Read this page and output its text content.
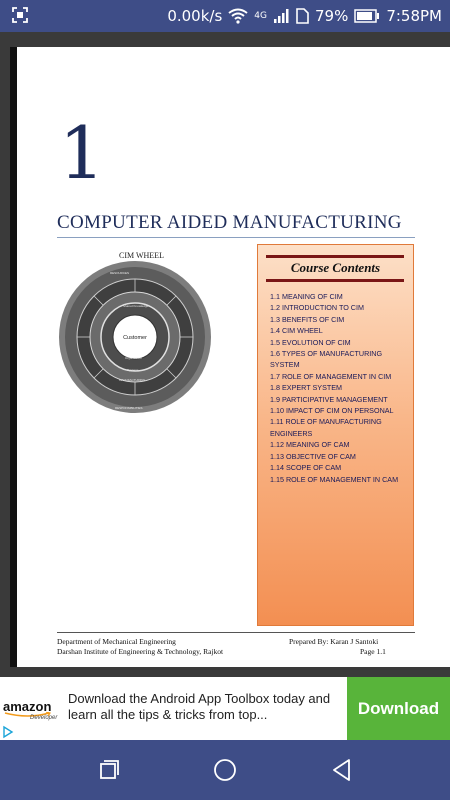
0.00k/s	4G	79%	7:58PM
1
COMPUTER AIDED MANUFACTURING
CIM WHEEL
RESOURCES
RESPONSIBILITIES
Shared Knowledge
Organization
Systems
MANUFACTURING
Customer
Course Contents
1.1 MEANING OF CIM
1.2 INTRODUCTION TO CIM
1.3 BENEFITS OF CIM
1.4 CIM WHEEL
1.5 EVOLUTION OF CIM
1.6 TYPES OF MANUFACTURING SYSTEM
1.7 ROLE OF MANAGEMENT IN CIM
1.8 EXPERT SYSTEM
1.9 PARTICIPATIVE MANAGEMENT
1.10 IMPACT OF CIM ON PERSONAL
1.11 ROLE OF MANUFACTURING ENGINEERS
1.12 MEANING OF CAM
1.13 OBJECTIVE OF CAM
1.14 SCOPE OF CAM
1.15 ROLE OF MANAGEMENT IN CAM
Department of Mechanical Engineering
Darshan Institute of Engineering & Technology, Rajkot
Prepared By: Karan J Santoki
Page 1.1
amazon
Developer
Download the Android App Toolbox today and learn all the tips & tricks from top...	Download
